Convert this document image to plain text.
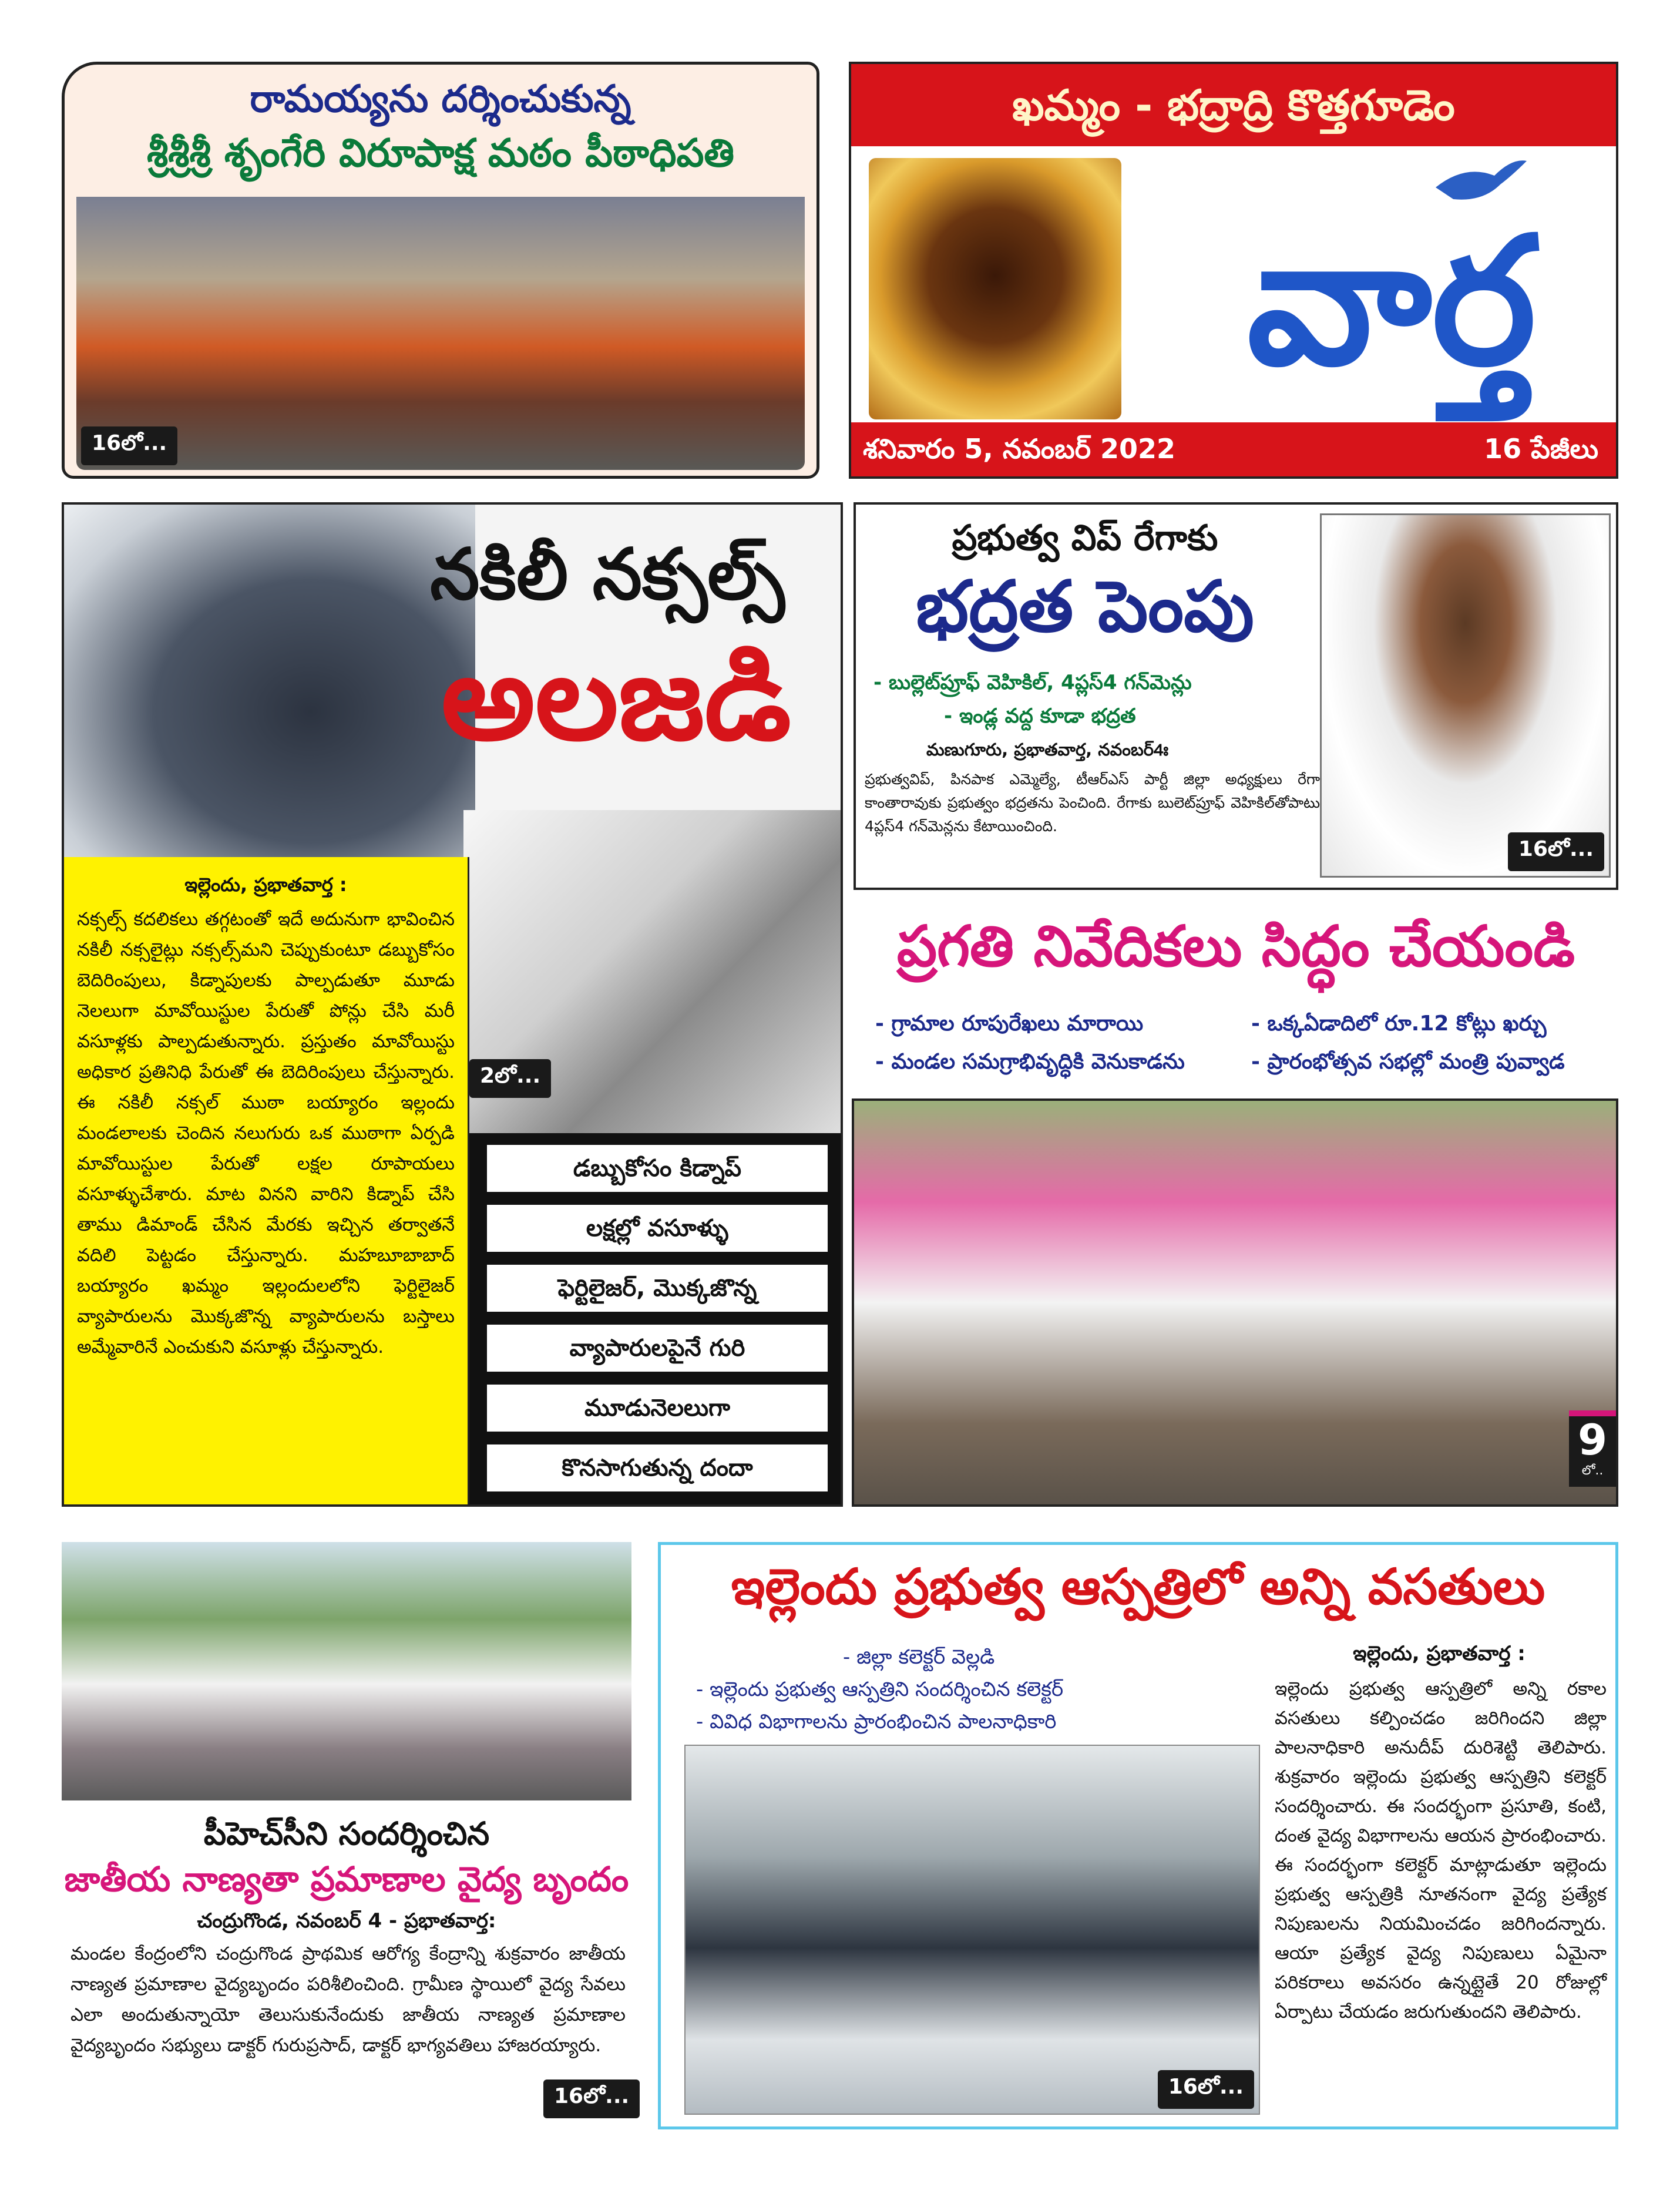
రామయ్యను దర్శించుకున్న
శ్రీశ్రీశ్రీ శృంగేరి విరూపాక్ష మఠం పీఠాధిపతి
16లో...
ఖమ్మం - భద్రాద్రి కొత్తగూడెం
వార్త
శనివారం 5, నవంబర్ 2022	16 పేజీలు
నకిలీ నక్సల్స్
అలజడి
2లో...
ఇల్లెందు, ప్రభాతవార్త :
నక్సల్స్ కదలికలు తగ్గటంతో ఇదే అదునుగా భావించిన నకిలీ నక్సలైట్లు నక్సల్స్‌మని చెప్పుకుంటూ డబ్బుకోసం బెదిరింపులు, కిడ్నాపులకు పాల్పడుతూ మూడు నెలలుగా మావోయిస్టుల పేరుతో పోన్లు చేసి మరీ వసూళ్లకు పాల్పడుతున్నారు. ప్రస్తుతం మావోయిస్టు అధికార ప్రతినిధి పేరుతో ఈ బెదిరింపులు చేస్తున్నారు. ఈ నకిలీ నక్సల్ ముఠా బయ్యారం ఇల్లందు మండలాలకు చెందిన నలుగురు ఒక ముఠాగా ఏర్పడి మావోయిస్టుల పేరుతో లక్షల రూపాయలు వసూళ్ళుచేశారు. మాట వినని వారిని కిడ్నాప్ చేసి తాము డిమాండ్ చేసిన మేరకు ఇచ్చిన తర్వాతనే వదిలి పెట్టడం చేస్తున్నారు. మహబూబాబాద్ బయ్యారం ఖమ్మం ఇల్లందులలోని ఫెర్టిలైజర్ వ్యాపారులను మొక్కజొన్న వ్యాపారులను బస్తాలు అమ్మేవారినే ఎంచుకుని వసూళ్లు చేస్తున్నారు.
డబ్బుకోసం కిడ్నాప్
లక్షల్లో వసూళ్ళు
ఫెర్టిలైజర్, మొక్కజొన్న
వ్యాపారులపైనే గురి
మూడునెలలుగా
కొనసాగుతున్న దందా
ప్రభుత్వ విప్ రేగాకు
భద్రత పెంపు
- బుల్లెట్‌ప్రూఫ్ వెహికిల్, 4ప్లస్4 గన్‌మెన్లు
- ఇండ్ల వద్ద కూడా భద్రత
మణుగూరు, ప్రభాతవార్త, నవంబర్4ః
ప్రభుత్వవిప్, పినపాక ఎమ్మెల్యే, టీఆర్ఎస్ పార్టీ జిల్లా అధ్యక్షులు రేగా కాంతారావుకు ప్రభుత్వం భద్రతను పెంచింది. రేగాకు బులెట్‌ప్రూఫ్ వెహికిల్‌తోపాటు 4ప్లస్4 గన్‌మెన్లను కేటాయించింది.
16లో...
ప్రగతి నివేదికలు సిద్ధం చేయండి
- గ్రామాల రూపురేఖలు మారాయి	- ఒక్కఏడాదిలో రూ.12 కోట్లు ఖర్చు
- మండల సమగ్రాభివృద్ధికి వెనుకాడను	- ప్రారంభోత్సవ సభల్లో మంత్రి పువ్వాడ
9
లో..
పీహెచ్‌సీని సందర్శించిన
జాతీయ నాణ్యతా ప్రమాణాల వైద్య బృందం
చంద్రుగొండ, నవంబర్ 4 - ప్రభాతవార్త:
మండల కేంద్రంలోని చంద్రుగొండ ప్రాథమిక ఆరోగ్య కేంద్రాన్ని శుక్రవారం జాతీయ నాణ్యత ప్రమాణాల వైద్యబృందం పరిశీలించింది. గ్రామీణ స్థాయిలో వైద్య సేవలు ఎలా అందుతున్నాయో తెలుసుకునేందుకు జాతీయ నాణ్యత ప్రమాణాల వైద్యబృందం సభ్యులు డాక్టర్ గురుప్రసాద్, డాక్టర్ భాగ్యవతిలు హాజరయ్యారు.
16లో...
ఇల్లెందు ప్రభుత్వ ఆస్పత్రిలో అన్ని వసతులు
- జిల్లా కలెక్టర్ వెల్లడి
- ఇల్లెందు ప్రభుత్వ ఆస్పత్రిని సందర్శించిన కలెక్టర్
- వివిధ విభాగాలను ప్రారంభించిన పాలనాధికారి
16లో...
ఇల్లెందు, ప్రభాతవార్త :
ఇల్లెందు ప్రభుత్వ ఆస్పత్రిలో అన్ని రకాల వసతులు కల్పించడం జరిగిందని జిల్లా పాలనాధికారి అనుదీప్ దురిశెట్టి తెలిపారు. శుక్రవారం ఇల్లెందు ప్రభుత్వ ఆస్పత్రిని కలెక్టర్ సందర్శించారు. ఈ సందర్భంగా ప్రసూతి, కంటి, దంత వైద్య విభాగాలను ఆయన ప్రారంభించారు. ఈ సందర్భంగా కలెక్టర్ మాట్లాడుతూ ఇల్లెందు ప్రభుత్వ ఆస్పత్రికి నూతనంగా వైద్య ప్రత్యేక నిపుణులను నియమించడం జరిగిందన్నారు. ఆయా ప్రత్యేక వైద్య నిపుణులు ఏమైనా పరికరాలు అవసరం ఉన్నట్లైతే 20 రోజుల్లో ఏర్పాటు చేయడం జరుగుతుందని తెలిపారు.
